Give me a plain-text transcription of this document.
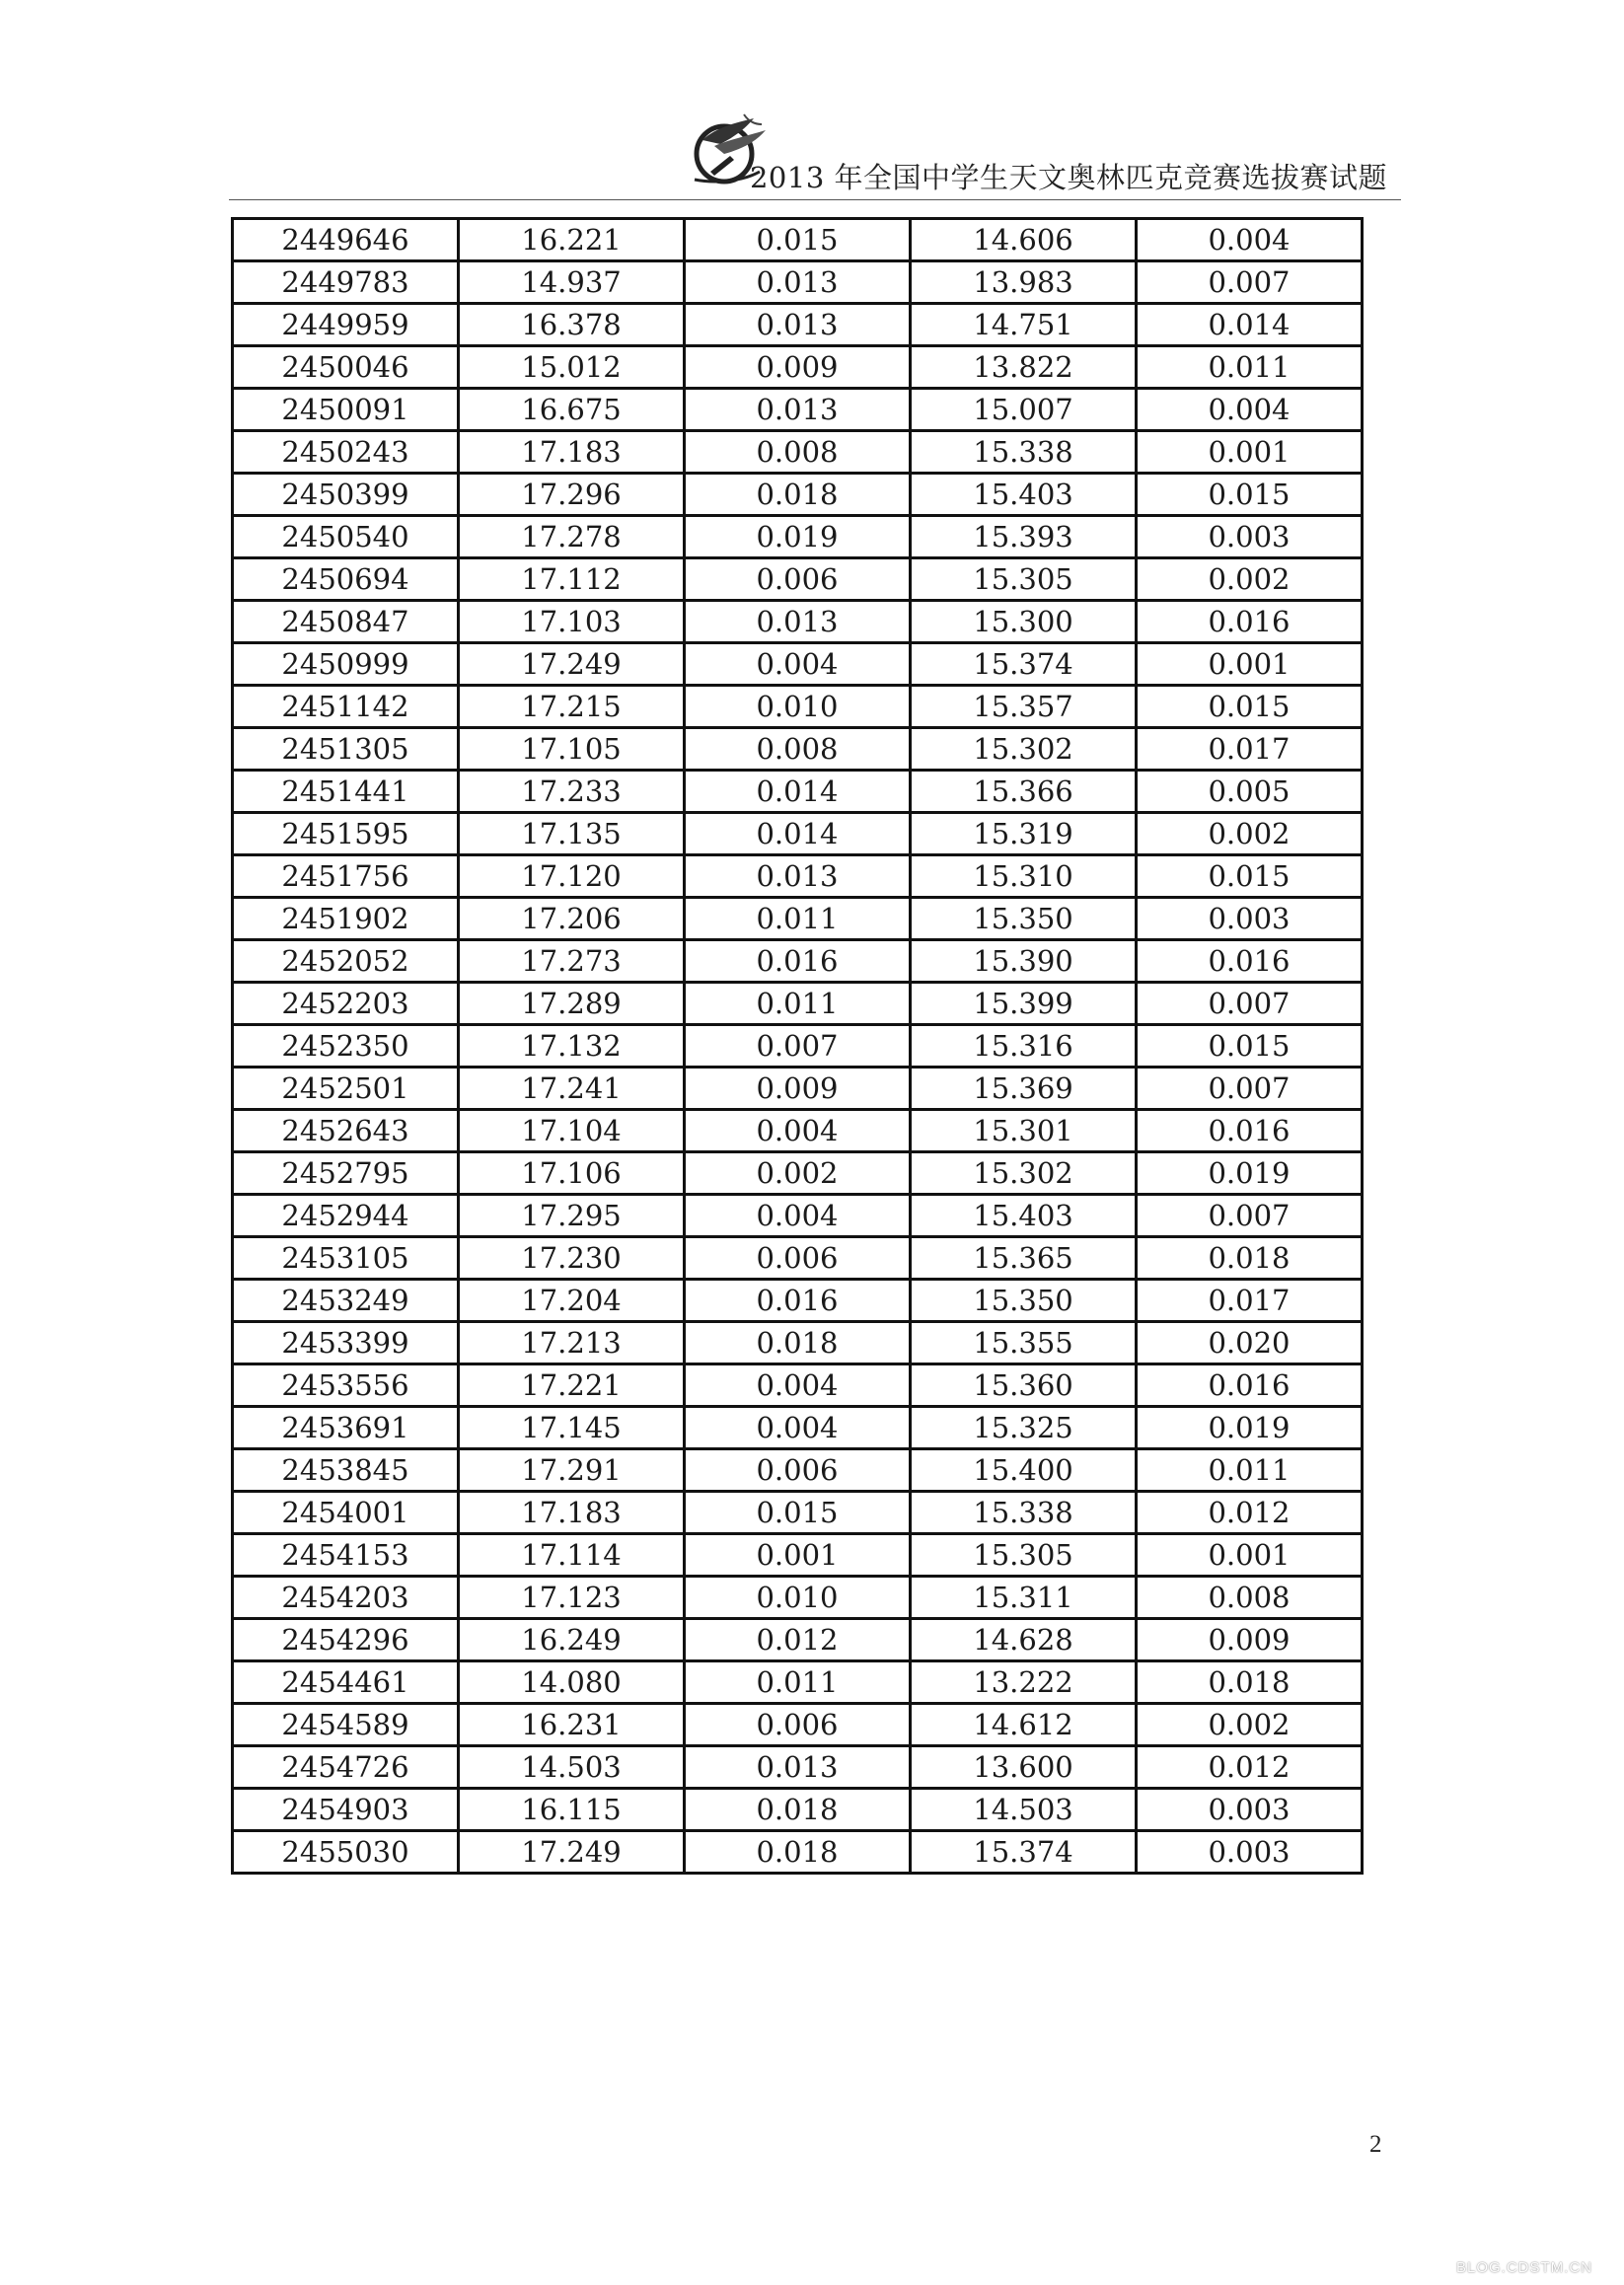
2013 年全国中学生天文奥林匹克竞赛选拔赛试题
2449646	16.221	0.015	14.606	0.004
2449783	14.937	0.013	13.983	0.007
2449959	16.378	0.013	14.751	0.014
2450046	15.012	0.009	13.822	0.011
2450091	16.675	0.013	15.007	0.004
2450243	17.183	0.008	15.338	0.001
2450399	17.296	0.018	15.403	0.015
2450540	17.278	0.019	15.393	0.003
2450694	17.112	0.006	15.305	0.002
2450847	17.103	0.013	15.300	0.016
2450999	17.249	0.004	15.374	0.001
2451142	17.215	0.010	15.357	0.015
2451305	17.105	0.008	15.302	0.017
2451441	17.233	0.014	15.366	0.005
2451595	17.135	0.014	15.319	0.002
2451756	17.120	0.013	15.310	0.015
2451902	17.206	0.011	15.350	0.003
2452052	17.273	0.016	15.390	0.016
2452203	17.289	0.011	15.399	0.007
2452350	17.132	0.007	15.316	0.015
2452501	17.241	0.009	15.369	0.007
2452643	17.104	0.004	15.301	0.016
2452795	17.106	0.002	15.302	0.019
2452944	17.295	0.004	15.403	0.007
2453105	17.230	0.006	15.365	0.018
2453249	17.204	0.016	15.350	0.017
2453399	17.213	0.018	15.355	0.020
2453556	17.221	0.004	15.360	0.016
2453691	17.145	0.004	15.325	0.019
2453845	17.291	0.006	15.400	0.011
2454001	17.183	0.015	15.338	0.012
2454153	17.114	0.001	15.305	0.001
2454203	17.123	0.010	15.311	0.008
2454296	16.249	0.012	14.628	0.009
2454461	14.080	0.011	13.222	0.018
2454589	16.231	0.006	14.612	0.002
2454726	14.503	0.013	13.600	0.012
2454903	16.115	0.018	14.503	0.003
2455030	17.249	0.018	15.374	0.003
2
BLOG.CDSTM.CN
